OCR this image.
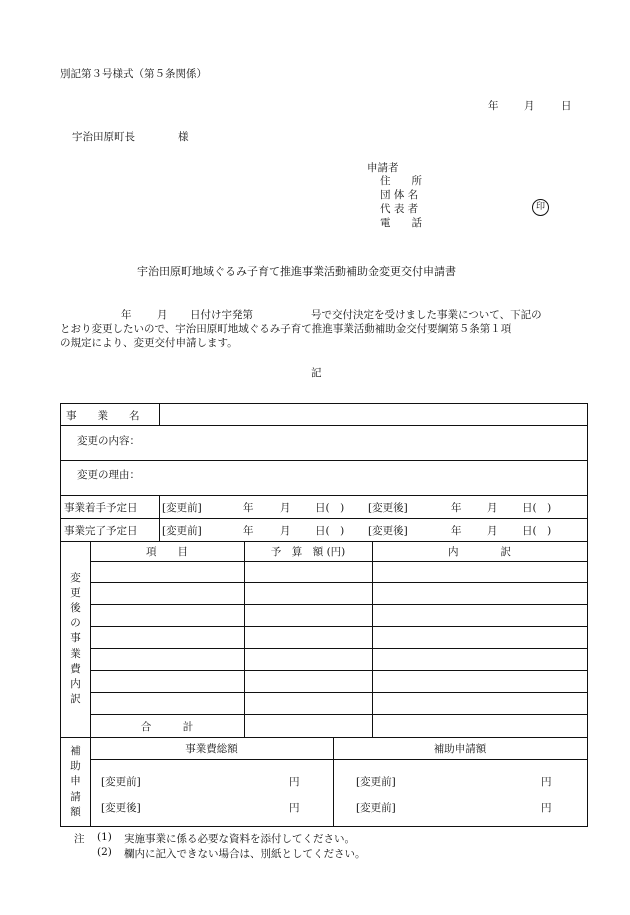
別記第３号様式（第５条関係）
年 月	日
宇治田原町長	様
申請者
住　　所
団 体 名
代 表 者
電　　話
印
宇治田原町地域ぐるみ子育て推進事業活動補助金変更交付申請書
年 月 日付け宇発第	号で交付決定を受けました事業について、下記の
とおり変更したいので、宇治田原町地域ぐるみ子育て推進事業活動補助金交付要綱第５条第１項
の規定により、変更交付申請します。
記
事　　業　　名
変更の内容：
変更の理由：
事業着手予定日 [変更前]	年	月 日(　) [変更後]	年 月 日(　)
事業完了予定日 [変更前]	年	月 日(　) [変更後]	年 月 日(　)
変
更
後
の
事
業
費
内
訳
項　　目	予　算　額 (円)	内　　　　訳
合　　　計
補
助
申
請
額
事業費総額	補助申請額
[変更前]	円	[変更前]	円
[変更後]	円	[変更前]	円
注 (1) 実施事業に係る必要な資料を添付してください。
(2) 欄内に記入できない場合は、別紙としてください。
